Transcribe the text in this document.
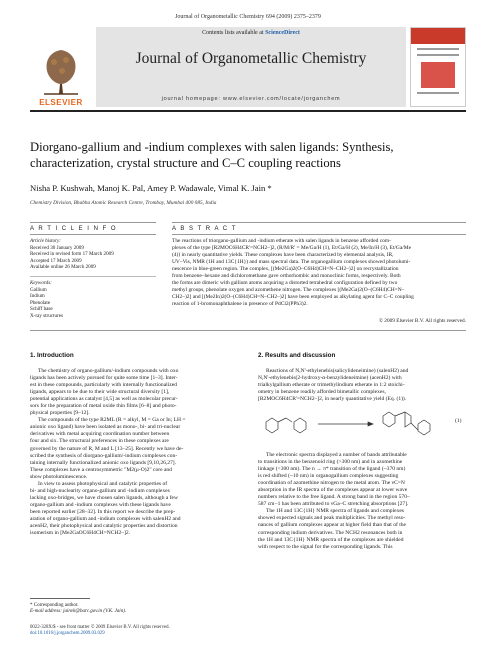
Journal of Organometallic Chemistry 694 (2009) 2375–2379
ELSEVIER
Contents lists available at ScienceDirect
Journal of Organometallic Chemistry
journal homepage: www.elsevier.com/locate/jorganchem
Diorgano-gallium and -indium complexes with salen ligands: Synthesis,
characterization, crystal structure and C–C coupling reactions
Nisha P. Kushwah, Manoj K. Pal, Amey P. Wadawale, Vimal K. Jain *
Chemistry Division, Bhabha Atomic Research Centre, Trombay, Mumbai 400 085, India
A R T I C L E I N F O	A B S T R A C T
Article history:
Received 30 January 2009
Received in revised form 17 March 2009
Accepted 17 March 2009
Available online 26 March 2009
Keywords:
Gallium
Indium
Phenolate
Schiff base
X-ray structures
The reactions of triorgano-gallium and -indium etherate with salen ligands in benzene afforded com-
plexes of the type [R2MOC6H4CR'=NCH2–]2, (R/M/R' = Me/Ga/H (1), Et/Ga/H (2), Me/In/H (3), Et/Ga/Me
(4)) in nearly quantitative yields. These complexes have been characterized by elemental analysis, IR,
UV–Vis, NMR (1H and 13C{1H}) and mass spectral data. The organogallium complexes showed photolumi-
nescence in blue-green region. The complex, [(Me2Ga)2(O–C6H4)CH=N–CH2–)2] on recrystallization
from benzene–hexane and dichloromethane gave orthorhombic and monoclinic forms, respectively. Both
the forms are dimeric with gallium atoms acquiring a distorted tetrahedral configuration defined by two
methyl groups, phenolate oxygen and azomethene nitrogen. The complexes [(Me2Ga)2(O–(C6H4)CH=N–
CH2–)2] and [(Me2In)2(O–(C6H4)CH=N–CH2–)2] have been employed as alkylating agent for C–C coupling
reaction of 1-bromonaphthalene in presence of PdCl2(PPh3)2.
© 2009 Elsevier B.V. All rights reserved.
1. Introduction
The chemistry of organo-gallium/-indium compounds with oxo
ligands has been actively pursued for quite some time [1–3]. Inter-
est in these compounds, particularly with internally functionalized
ligands, appears to be due to their wide structural diversity [1],
potential applications as catalyst [4,5] as well as molecular precur-
sors for the preparation of metal oxide thin films [6–8] and photo-
physical properties [9–12].
The compounds of the type R2ML (R = alkyl, M = Ga or In; LH =
anionic oxo ligand) have been isolated as mono-, bi- and tri-nuclear
derivatives with metal acquiring coordination number between
four and six. The structural preferences in these complexes are
governed by the nature of R, M and L [13–25]. Recently we have de-
scribed the synthesis of diorgano-gallium/-indium complexes con-
taining internally functionalized anionic oxo ligands [9,10,26,27].
These complexes have a centrosymmetric "M2(μ-O)2" core and
show photoluminescence.
In view to assess photophysical and catalytic properties of
bi- and high-nuclearity organo-gallium and -indium complexes
lacking oxo-bridges, we have chosen salen ligands, although a few
organo-gallium and -indium complexes with these ligands have
been reported earlier [28–32]. In this report we describe the prep-
aration of organo-gallium and -indium complexes with salenH2 and
acenH2, their photophysical and catalytic properties and distortion
isomerism in [Me2GaOC6H4CH=NCH2–]2.
* Corresponding author.
E-mail address: jainvk@barc.gov.in (V.K. Jain).
0022-328X/$ - see front matter © 2009 Elsevier B.V. All rights reserved.
doi:10.1016/j.jorganchem.2009.03.029
2. Results and discussion
Reactions of N,N'-ethylenebis(salicylideneimine) (salenH2) and
N,N'-ethylenebis(2-hydroxy-α-benzylideneimine) (acenH2) with
trialkylgallium etherate or trimethylindium etherate in 1:2 stoichi-
ometry in benzene readily afforded bimetallic complexes,
[R2MOC6H4CR'=NCH2–]2, in nearly quantitative yield (Eq. (1)).
(1)
The electronic spectra displayed a number of bands attributable
to transitions in the benzenoid ring (>300 nm) and in azomethine
linkage (<300 nm). The n → π* transition of the ligand (~370 nm)
is red shifted (~10 nm) in organogallium complexes suggesting
coordination of azomethine nitrogen to the metal atom. The νC=N
absorption in the IR spectra of the complexes appear at lower wave
numbers relative to the free ligand. A strong band in the region 570–
587 cm−1 has been attributed to νGa–C stretching absorptions [27].
The 1H and 13C{1H} NMR spectra of ligands and complexes
showed expected signals and peak multiplicities. The methyl reso-
nances of gallium complexes appear at higher field than that of the
corresponding indium derivatives. The NCH2 resonances both in
the 1H and 13C{1H} NMR spectra of the complexes are shielded
with respect to the signal for the corresponding ligands. This
